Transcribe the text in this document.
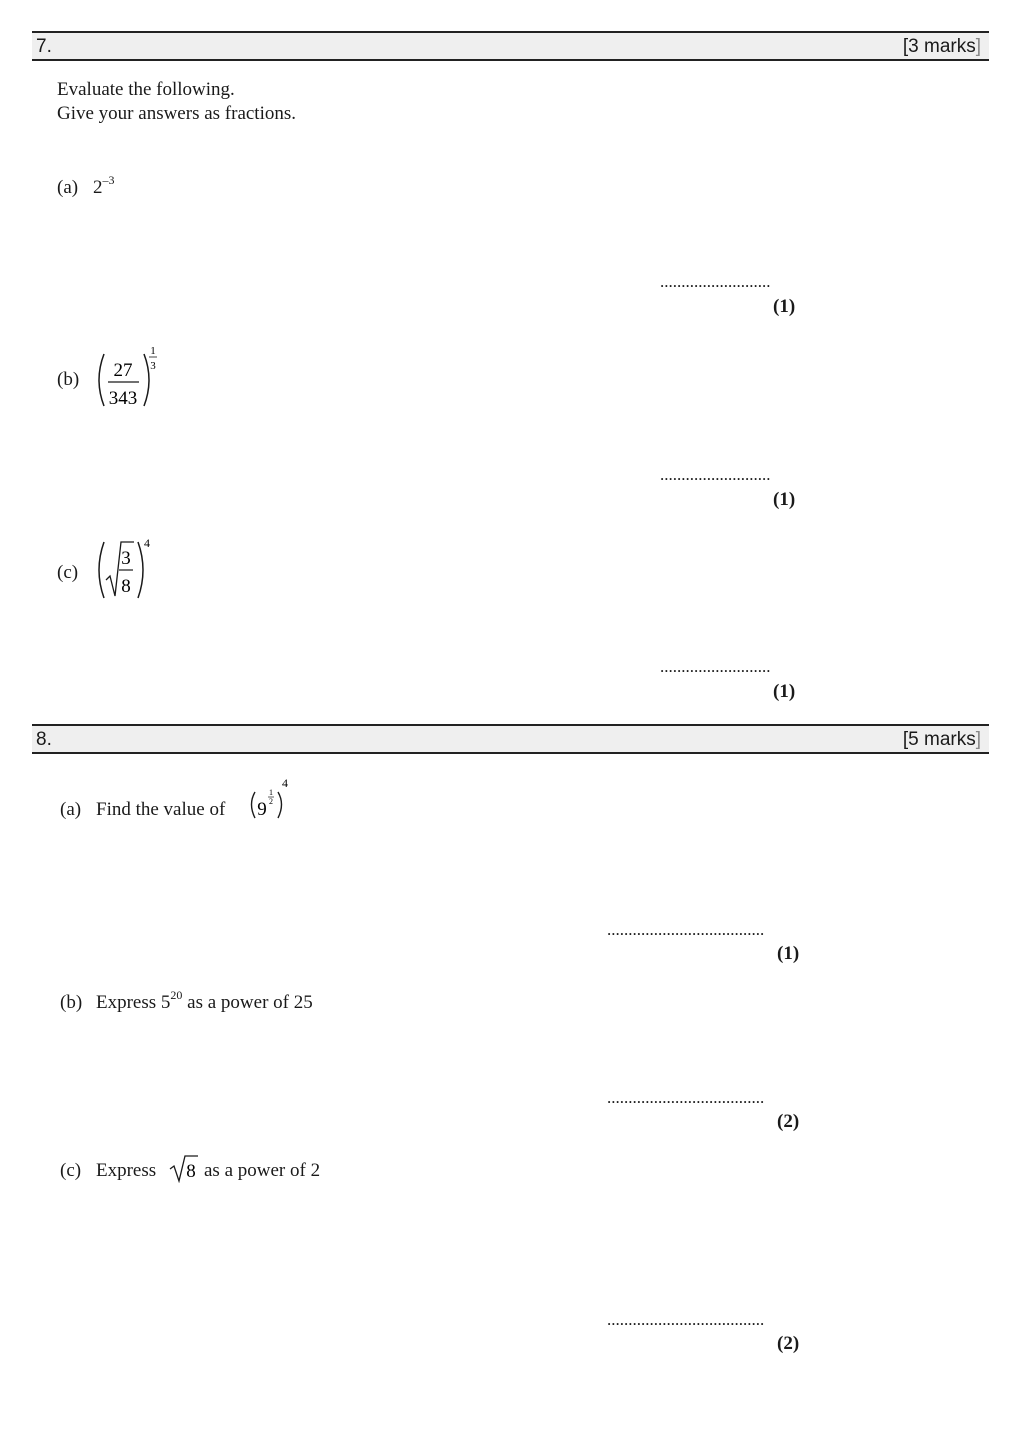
7.	[3 marks]
Evaluate the following.
Give your answers as fractions.
(a) $2^{-3}$
..........................
(1)
(b) 27
343
1
3
..........................
(1)
(c)
3
8
4
..........................
(1)
8.	[5 marks]
(a) Find the value of 9
1
2
4
.....................................
(1)
(b) Express $5^{20}$ as a power of 25
.....................................
(2)
(c) Express 8 as a power of 2
.....................................
(2)
